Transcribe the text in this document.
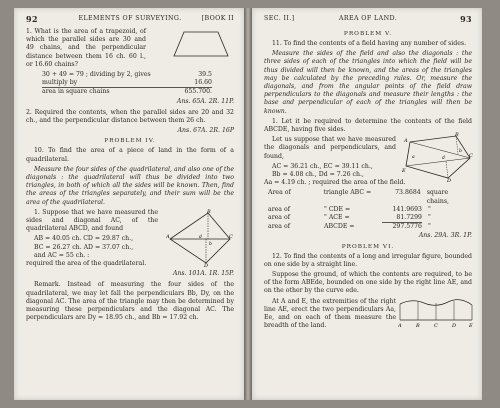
92	ELEMENTS OF SURVEYING.	[BOOK II

1. What is the area of a trapezoid, of which the parallel sides are 30 and 49 chains, and the perpendicular distance between them 16 ch. 60 l., or 16.60 chains?

30 + 49 = 79 ; dividing by 2, gives	39.5
multiply by	16.60
area in square chains	655.700.
Ans. 65A. 2R. 11P.

2. Required the contents, when the parallel sides are 20 and 32 ch., and the perpendicular distance between them 26 ch.

Ans. 67A. 2R. 16P
PROBLEM IV.

10. To find the area of a piece of land in the form of a quadrilateral.

Measure the four sides of the quadrilateral, and also one of the diagonals : the quadrilateral will thus be divided into two triangles, in both of which all the sides will be known. Then, find the areas of the triangles separately, and their sum will be the area of the quadrilateral.

1. Suppose that we have measured the sides and diagonal AC, of the quadrilateral ABCD, and found

AB = 40.05 ch. CD = 29.87 ch.,
BC = 26.27 ch. AD = 37.07 ch.,
and AC = 55 ch. :
A
B
C
D
b
d

required the area of the quadrilateral.

Ans. 101A. 1R. 15P.

Remark. Instead of measuring the four sides of the quadrilateral, we may let fall the perpendiculars Bb, Dy, on the diagonal AC. The area of the triangle may then be determined by measuring these perpendiculars and the diagonal AC. The perpendiculars are Dy = 18.95 ch., and Bb = 17.92 ch.

SEC. II.]	AREA OF LAND.	93
PROBLEM V.

11. To find the contents of a field having any number of sides.

Measure the sides of the field and also the diagonals : the three sides of each of the triangles into which the field will be thus divided will then be known, and the areas of the triangles may be calculated by the preceding rules. Or, measure the diagonals, and from the angular points of the field draw perpendiculars to the diagonals and measure their lengths : the base and perpendicular of each of the triangles will then be known.

1. Let it be required to determine the contents of the field ABCDE, having five sides.

Let us suppose that we have measured the diagonals and perpendiculars, and found,

A
B
C
D
E
b
d
a
AC = 36.21 ch., EC = 39.11 ch.,
Bb = 4.08 ch., Dd = 7.26 ch.,

Aa = 4.19 ch. ; required the area of the field.

Area of	triangle ABC =	73.8684 square chains,
area of	" CDE =	141.9693 "
area of	" ACE =	81.7299 "
area of	ABCDE =	297.5776 "
Ans. 29A. 3R. 1P.
PROBLEM VI.

12. To find the contents of a long and irregular figure, bounded on one side by a straight line.

Suppose the ground, of which the contents are required, to be of the form ABEde, bounded on one side by the right line AE, and on the other by the curve ede.

At A and E, the extremities of the right line AE, erect the two perpendiculars Aa, Ee, and on each of them measure the breadth of the land.	A	B	C	D	E
